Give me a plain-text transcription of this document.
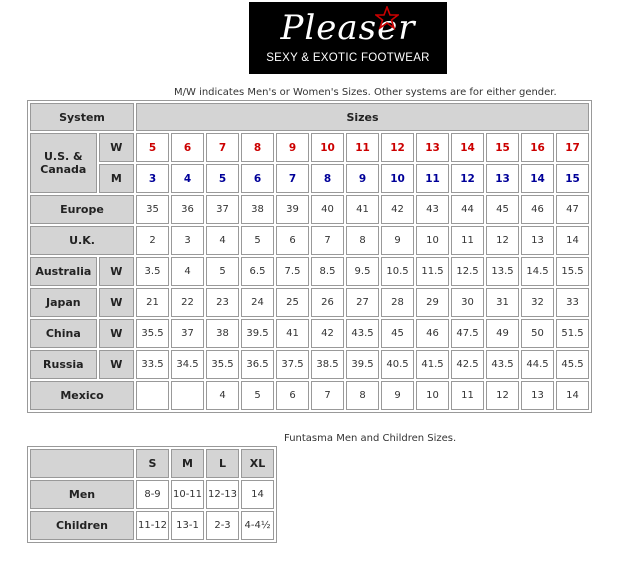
Pleaser
SEXY & EXOTIC FOOTWEAR
M/W indicates Men's or Women's Sizes. Other systems are for either gender.
System		Sizes												
U.S. & Canada	W	5	6	7	8	9	10	11	12	13	14	15	16	17
	M	3	4	5	6	7	8	9	10	11	12	13	14	15
Europe		35	36	37	38	39	40	41	42	43	44	45	46	47
U.K.		2	3	4	5	6	7	8	9	10	11	12	13	14
Australia	W	3.5	4	5	6.5	7.5	8.5	9.5	10.5	11.5	12.5	13.5	14.5	15.5
Japan	W	21	22	23	24	25	26	27	28	29	30	31	32	33
China	W	35.5	37	38	39.5	41	42	43.5	45	46	47.5	49	50	51.5
Russia	W	33.5	34.5	35.5	36.5	37.5	38.5	39.5	40.5	41.5	42.5	43.5	44.5	45.5
Mexico				4	5	6	7	8	9	10	11	12	13	14
Funtasma Men and Children Sizes.
	S	M	L	XL
Men	8-9	10-11	12-13	14
Children	11-12	13-1	2-3	4-4½
